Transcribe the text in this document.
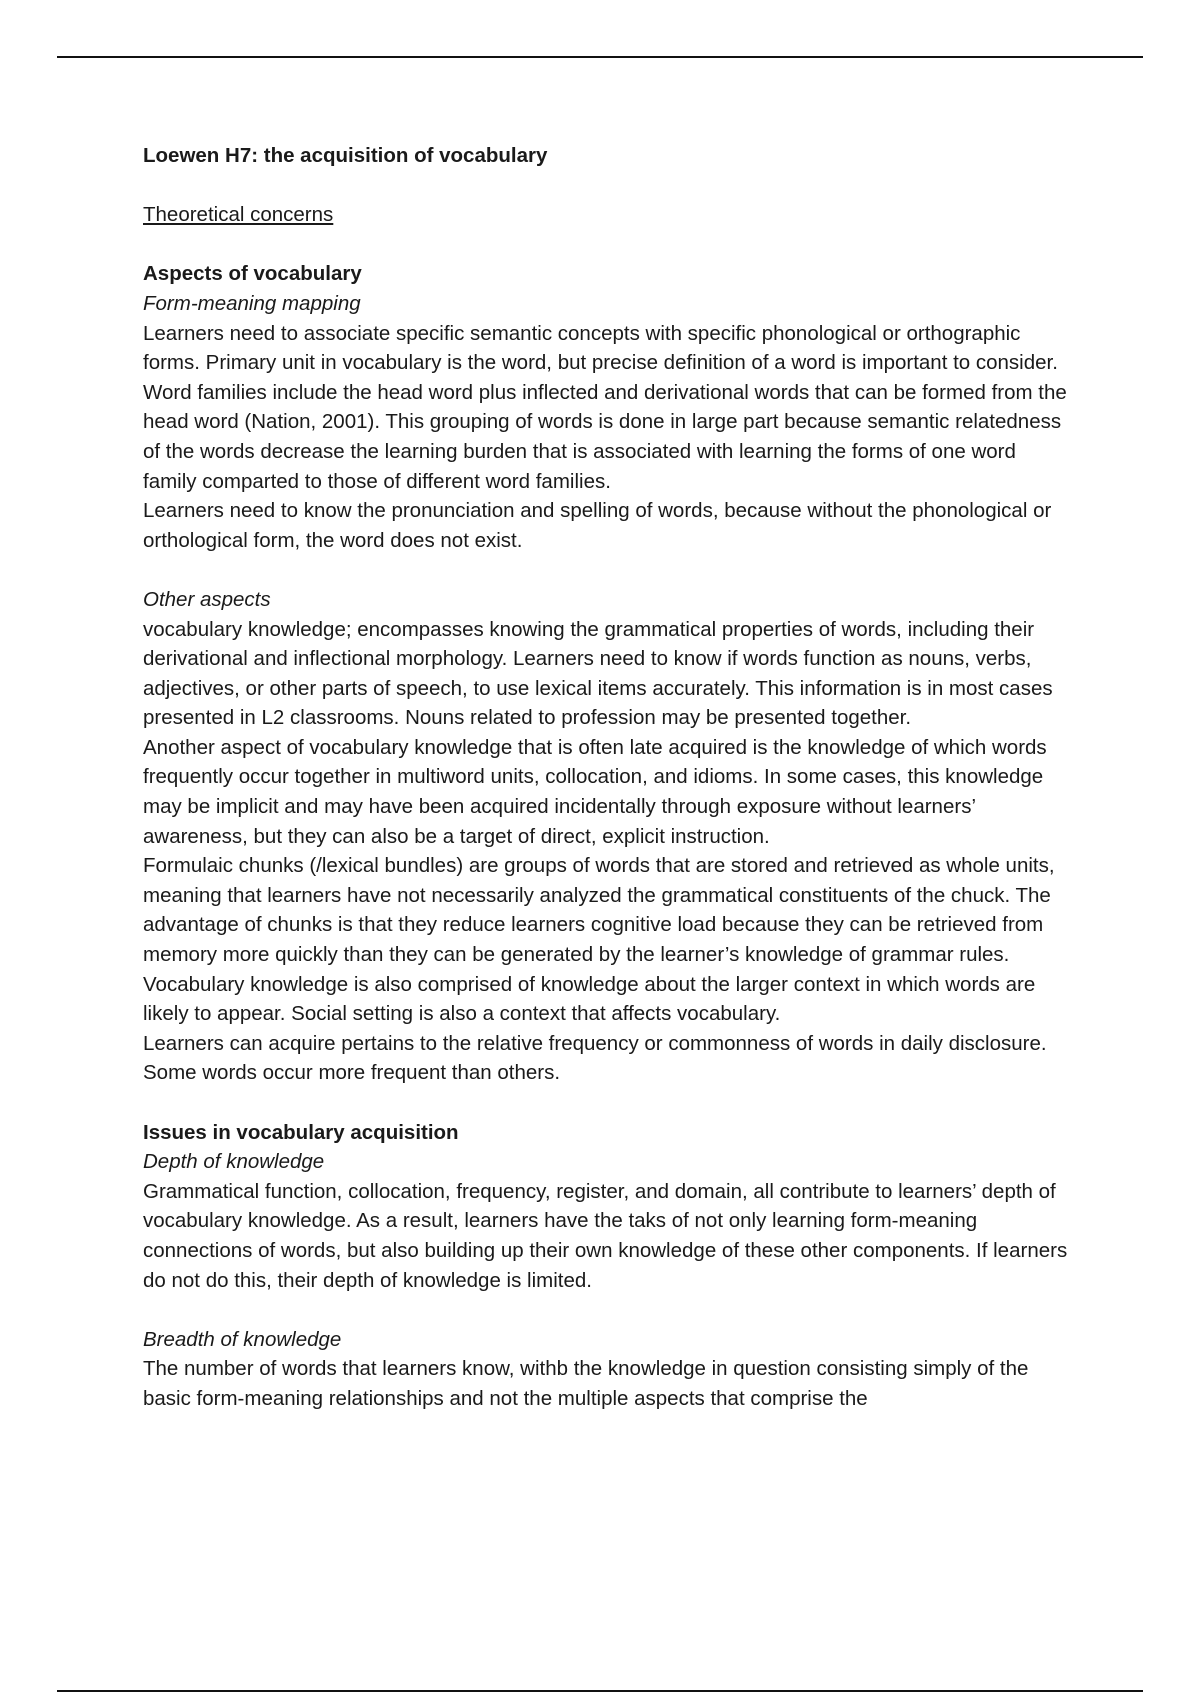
Loewen H7: the acquisition of vocabulary

Theoretical concerns

Aspects of vocabulary

Form-meaning mapping

Learners need to associate specific semantic concepts with specific phonological or orthographic forms. Primary unit in vocabulary is the word, but precise definition of a word is important to consider. Word families include the head word plus inflected and derivational words that can be formed from the head word (Nation, 2001). This grouping of words is done in large part because semantic relatedness of the words decrease the learning burden that is associated with learning the forms of one word family comparted to those of different word families.

Learners need to know the pronunciation and spelling of words, because without the phonological or orthological form, the word does not exist.

Other aspects

vocabulary knowledge; encompasses knowing the grammatical properties of words, including their derivational and inflectional morphology. Learners need to know if words function as nouns, verbs, adjectives, or other parts of speech, to use lexical items accurately. This information is in most cases presented in L2 classrooms. Nouns related to profession may be presented together.

Another aspect of vocabulary knowledge that is often late acquired is the knowledge of which words frequently occur together in multiword units, collocation, and idioms. In some cases, this knowledge may be implicit and may have been acquired incidentally through exposure without learners’ awareness, but they can also be a target of direct, explicit instruction.

Formulaic chunks (/lexical bundles) are groups of words that are stored and retrieved as whole units, meaning that learners have not necessarily analyzed the grammatical constituents of the chuck. The advantage of chunks is that they reduce learners cognitive load because they can be retrieved from memory more quickly than they can be generated by the learner’s knowledge of grammar rules.

Vocabulary knowledge is also comprised of knowledge about the larger context in which words are likely to appear. Social setting is also a context that affects vocabulary.

Learners can acquire pertains to the relative frequency or commonness of words in daily disclosure. Some words occur more frequent than others.

Issues in vocabulary acquisition

Depth of knowledge

Grammatical function, collocation, frequency, register, and domain, all contribute to learners’ depth of vocabulary knowledge. As a result, learners have the taks of not only learning form-meaning connections of words, but also building up their own knowledge of these other components. If learners do not do this, their depth of knowledge is limited.

Breadth of knowledge

The number of words that learners know, withb the knowledge in question consisting simply of the basic form-meaning relationships and not the multiple aspects that comprise the
